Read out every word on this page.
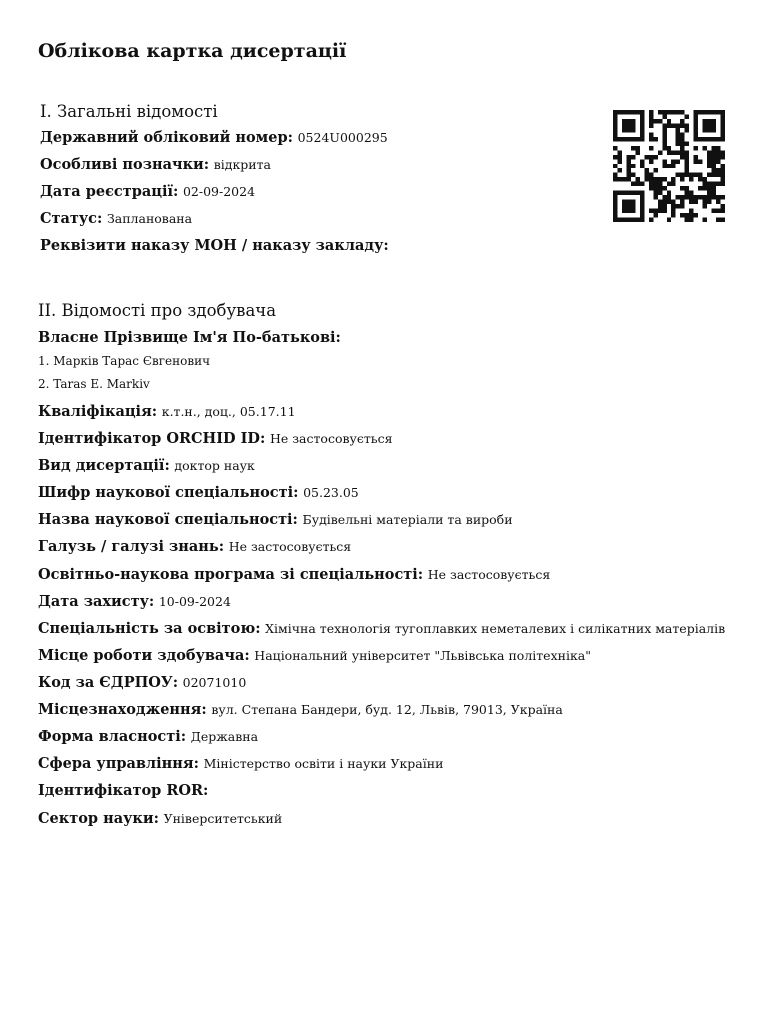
Облікова картка дисертації
I. Загальні відомості
Державний обліковий номер: 0524U000295
Особливі позначки: відкрита
Дата реєстрації: 02-09-2024
Статус: Запланована
Реквізити наказу МОН / наказу закладу:
II. Відомості про здобувача
Власне Прізвище Ім'я По-батькові:
1. Марків Тарас Євгенович
2. Taras E. Markiv
Кваліфікація: к.т.н., доц., 05.17.11
Ідентифікатор ORCHID ID: Не застосовується
Вид дисертації: доктор наук
Шифр наукової спеціальності: 05.23.05
Назва наукової спеціальності: Будівельні матеріали та вироби
Галузь / галузі знань: Не застосовується
Освітньо-наукова програма зі спеціальності: Не застосовується
Дата захисту: 10-09-2024
Спеціальність за освітою: Хімічна технологія тугоплавких неметалевих і силікатних матеріалів
Місце роботи здобувача: Національний університет "Львівська політехніка"
Код за ЄДРПОУ: 02071010
Місцезнаходження: вул. Степана Бандери, буд. 12, Львів, 79013, Україна
Форма власності: Державна
Сфера управління: Міністерство освіти і науки України
Ідентифікатор ROR:
Сектор науки: Університетський
